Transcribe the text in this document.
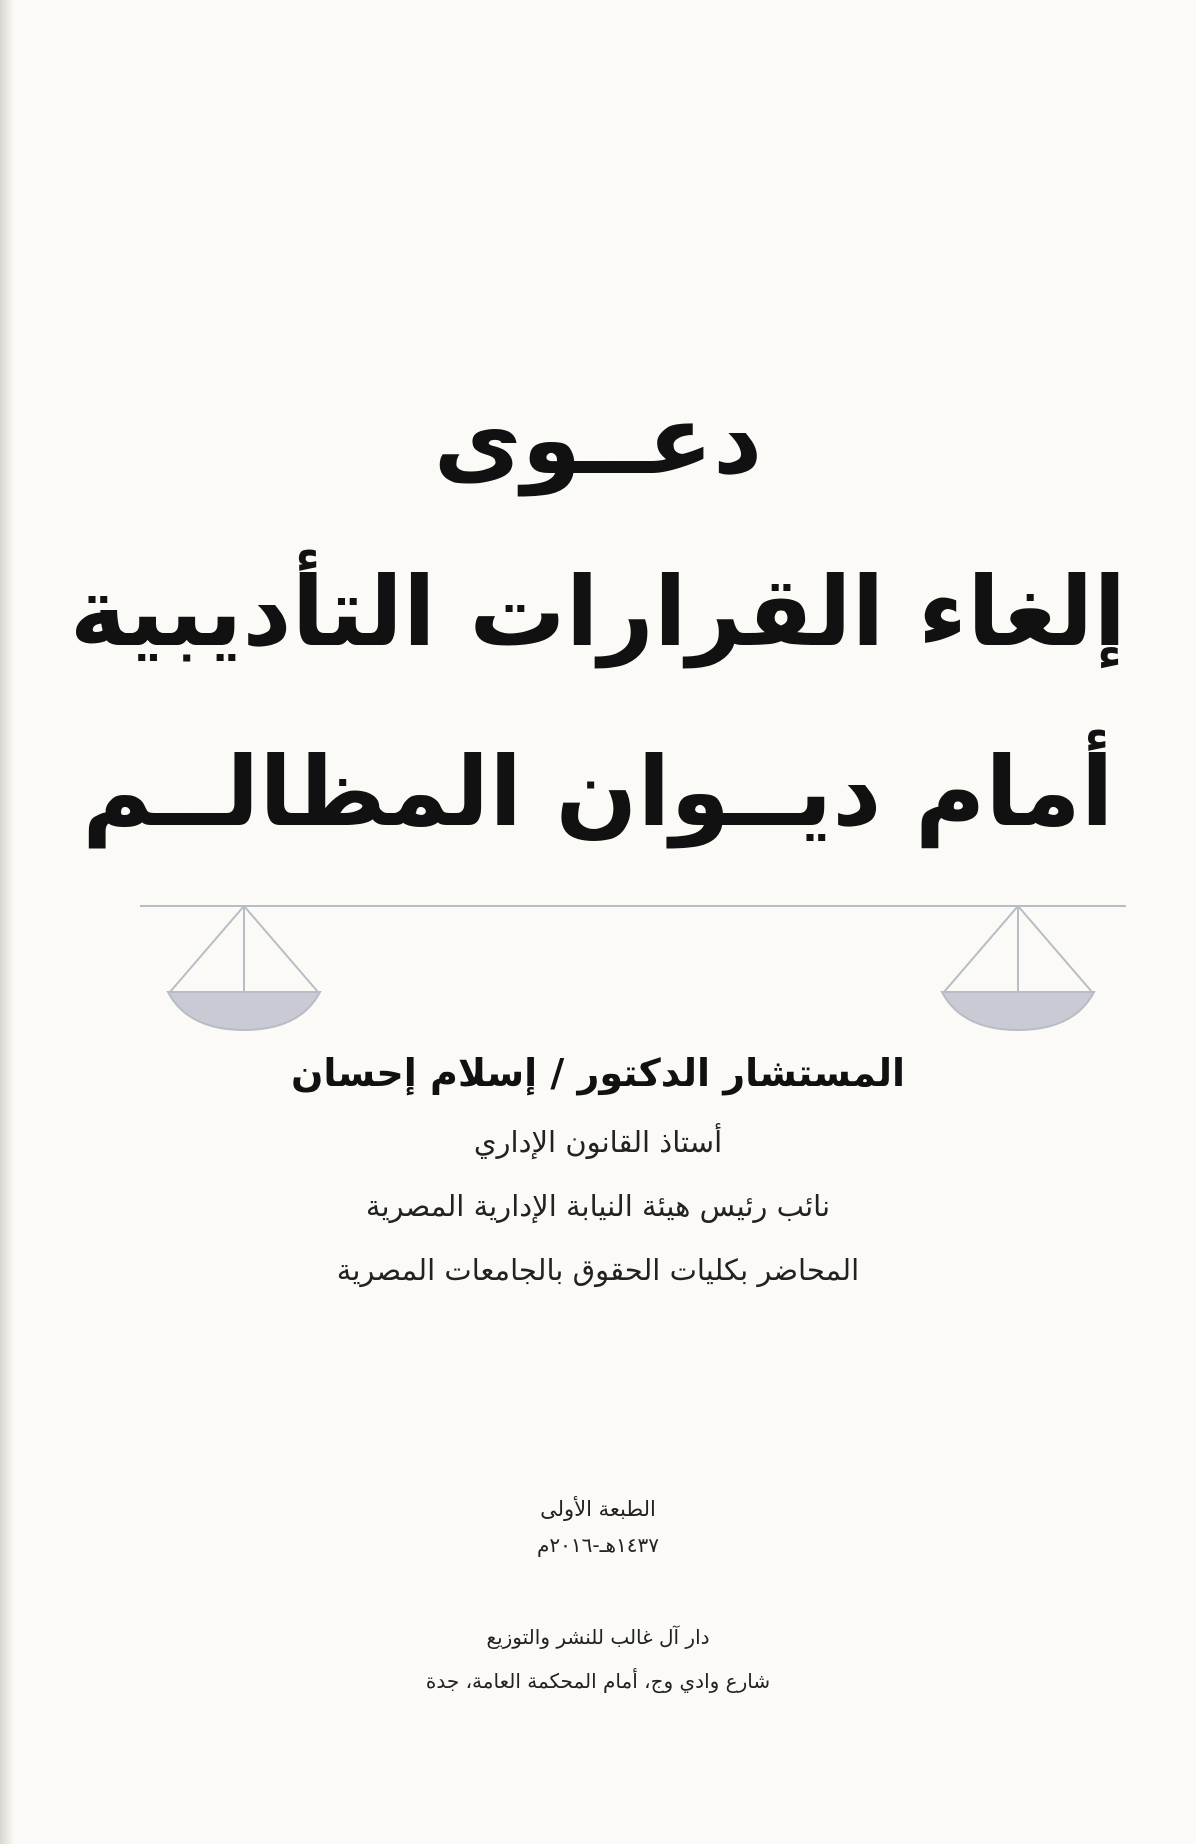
دعــوى
إلغاء القرارات التأديبية
أمام ديــوان المظالــم
المستشار الدكتور / إسلام إحسان
أستاذ القانون الإداري
نائب رئيس هيئة النيابة الإدارية المصرية
المحاضر بكليات الحقوق بالجامعات المصرية
الطبعة الأولى
١٤٣٧هـ-٢٠١٦م
دار آل غالب للنشر والتوزيع
شارع وادي وج، أمام المحكمة العامة، جدة
